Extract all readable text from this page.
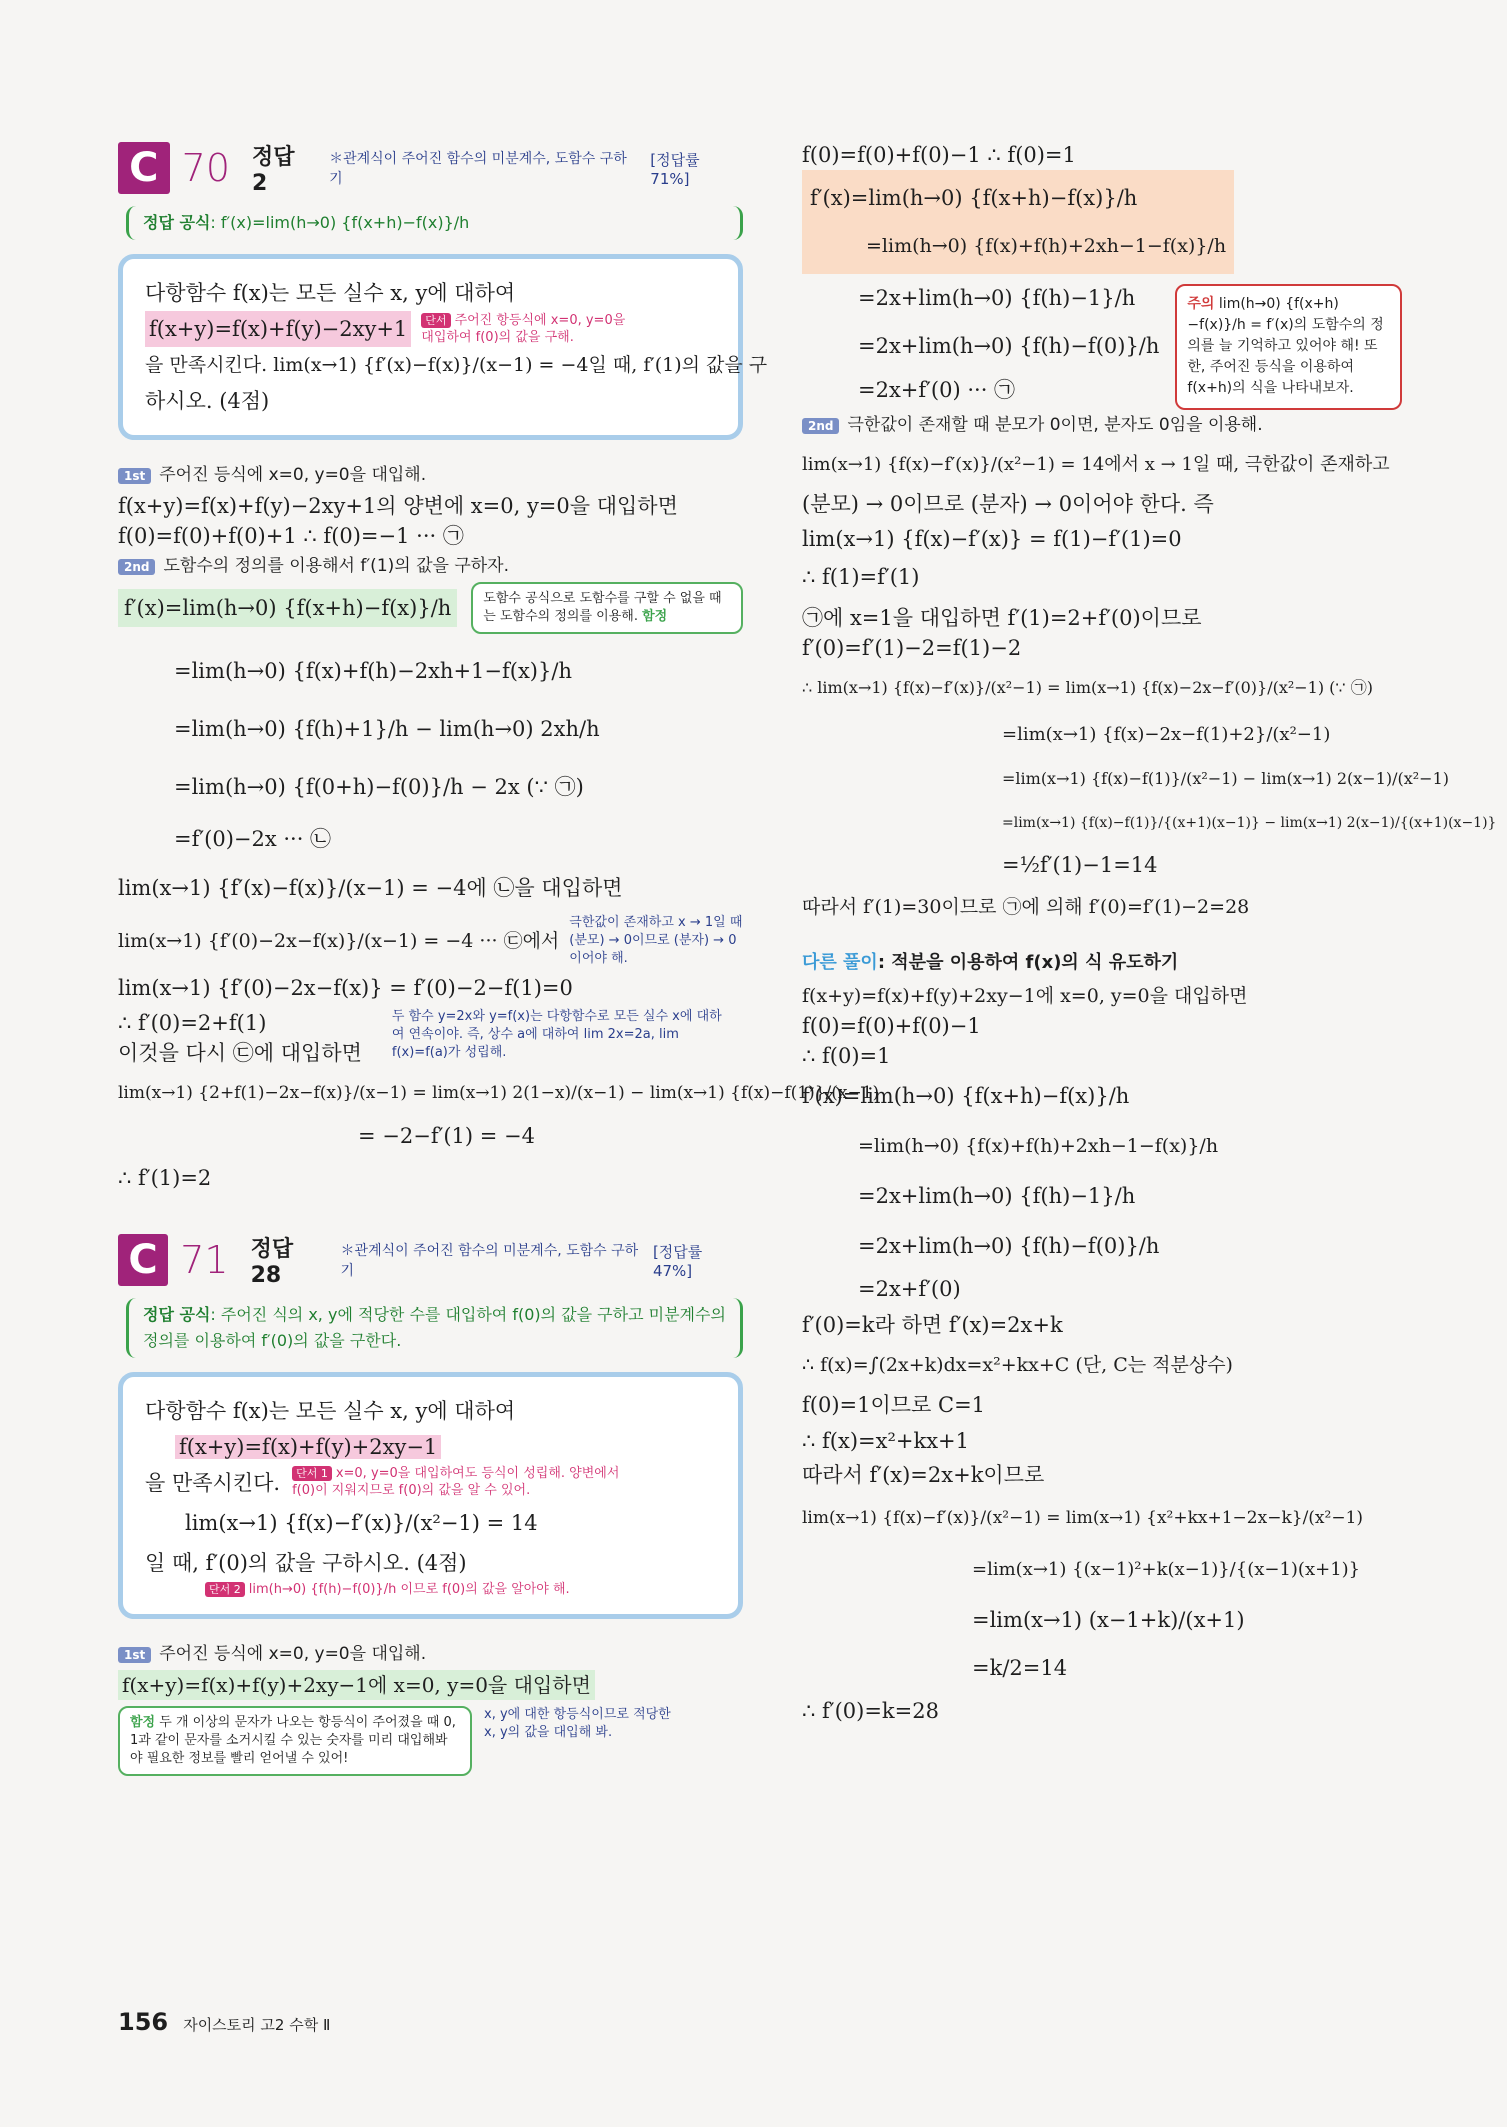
C 70 정답 2
＊관계식이 주어진 함수의 미분계수, 도함수 구하기
[정답률 71%]
정답 공식: f′(x)=lim(h→0) {f(x+h)−f(x)}/h
다항함수 f(x)는 모든 실수 x, y에 대하여
f(x+y)=f(x)+f(y)−2xy+1	단서 주어진 항등식에 x=0, y=0을 대입하여 f(0)의 값을 구해.
을 만족시킨다. lim(x→1) {f′(x)−f(x)}/(x−1) = −4일 때, f′(1)의 값을 구
하시오. (4점)
1st 주어진 등식에 x=0, y=0을 대입해.
f(x+y)=f(x)+f(y)−2xy+1의 양변에 x=0, y=0을 대입하면
f(0)=f(0)+f(0)+1 ∴ f(0)=−1 ··· ㉠
2nd 도함수의 정의를 이용해서 f′(1)의 값을 구하자.
f′(x)=lim(h→0) {f(x+h)−f(x)}/h	도함수 공식으로 도함수를 구할 수 없을 때는 도함수의 정의를 이용해. 함정
=lim(h→0) {f(x)+f(h)−2xh+1−f(x)}/h
=lim(h→0) {f(h)+1}/h − lim(h→0) 2xh/h
=lim(h→0) {f(0+h)−f(0)}/h − 2x (∵ ㉠)
=f′(0)−2x ··· ㉡
lim(x→1) {f′(x)−f(x)}/(x−1) = −4에 ㉡을 대입하면
lim(x→1) {f′(0)−2x−f(x)}/(x−1) = −4 ··· ㉢에서
극한값이 존재하고 x → 1일 때 (분모) → 0이므로 (분자) → 0이어야 해.
lim(x→1) {f′(0)−2x−f(x)} = f′(0)−2−f(1)=0
∴ f′(0)=2+f(1)
이것을 다시 ㉢에 대입하면
두 함수 y=2x와 y=f(x)는 다항함수로 모든 실수 x에 대하여 연속이야. 즉, 상수 a에 대하여 lim 2x=2a, lim f(x)=f(a)가 성립해.
lim(x→1) {2+f(1)−2x−f(x)}/(x−1) = lim(x→1) 2(1−x)/(x−1) − lim(x→1) {f(x)−f(1)}/(x−1)
= −2−f′(1) = −4
∴ f′(1)=2
C 71 정답 28
＊관계식이 주어진 함수의 미분계수, 도함수 구하기
[정답률 47%]
정답 공식: 주어진 식의 x, y에 적당한 수를 대입하여 f(0)의 값을 구하고 미분계수의 정의를 이용하여 f′(0)의 값을 구한다.
다항함수 f(x)는 모든 실수 x, y에 대하여
f(x+y)=f(x)+f(y)+2xy−1
을 만족시킨다.	단서 1 x=0, y=0을 대입하여도 등식이 성립해. 양변에서 f(0)이 지워지므로 f(0)의 값을 알 수 있어.
lim(x→1) {f(x)−f′(x)}/(x²−1) = 14
일 때, f′(0)의 값을 구하시오. (4점)
단서 2 lim(h→0) {f(h)−f(0)}/h 이므로 f(0)의 값을 알아야 해.
1st 주어진 등식에 x=0, y=0을 대입해.
f(x+y)=f(x)+f(y)+2xy−1에 x=0, y=0을 대입하면
함정 두 개 이상의 문자가 나오는 항등식이 주어졌을 때 0, 1과 같이 문자를 소거시킬 수 있는 숫자를 미리 대입해봐야 필요한 정보를 빨리 얻어낼 수 있어!
x, y에 대한 항등식이므로 적당한 x, y의 값을 대입해 봐.
f(0)=f(0)+f(0)−1 ∴ f(0)=1
f′(x)=lim(h→0) {f(x+h)−f(x)}/h
=lim(h→0) {f(x)+f(h)+2xh−1−f(x)}/h
=2x+lim(h→0) {f(h)−1}/h
=2x+lim(h→0) {f(h)−f(0)}/h
=2x+f′(0) ··· ㉠
주의 lim(h→0) {f(x+h)−f(x)}/h = f′(x)의 도함수의 정의를 늘 기억하고 있어야 해! 또한, 주어진 등식을 이용하여 f(x+h)의 식을 나타내보자.
2nd 극한값이 존재할 때 분모가 0이면, 분자도 0임을 이용해.
lim(x→1) {f(x)−f′(x)}/(x²−1) = 14에서 x → 1일 때, 극한값이 존재하고
(분모) → 0이므로 (분자) → 0이어야 한다. 즉
lim(x→1) {f(x)−f′(x)} = f(1)−f′(1)=0
∴ f(1)=f′(1)
㉠에 x=1을 대입하면 f′(1)=2+f′(0)이므로
f′(0)=f′(1)−2=f(1)−2
∴ lim(x→1) {f(x)−f′(x)}/(x²−1) = lim(x→1) {f(x)−2x−f′(0)}/(x²−1) (∵ ㉠)
=lim(x→1) {f(x)−2x−f(1)+2}/(x²−1)
=lim(x→1) {f(x)−f(1)}/(x²−1) − lim(x→1) 2(x−1)/(x²−1)
=lim(x→1) {f(x)−f(1)}/{(x+1)(x−1)} − lim(x→1) 2(x−1)/{(x+1)(x−1)}
=½f′(1)−1=14
따라서 f′(1)=30이므로 ㉠에 의해 f′(0)=f′(1)−2=28
다른 풀이: 적분을 이용하여 f(x)의 식 유도하기
f(x+y)=f(x)+f(y)+2xy−1에 x=0, y=0을 대입하면
f(0)=f(0)+f(0)−1
∴ f(0)=1
f′(x)=lim(h→0) {f(x+h)−f(x)}/h
=lim(h→0) {f(x)+f(h)+2xh−1−f(x)}/h
=2x+lim(h→0) {f(h)−1}/h
=2x+lim(h→0) {f(h)−f(0)}/h
=2x+f′(0)
f′(0)=k라 하면 f′(x)=2x+k
∴ f(x)=∫(2x+k)dx=x²+kx+C (단, C는 적분상수)
f(0)=1이므로 C=1
∴ f(x)=x²+kx+1
따라서 f′(x)=2x+k이므로
lim(x→1) {f(x)−f′(x)}/(x²−1) = lim(x→1) {x²+kx+1−2x−k}/(x²−1)
=lim(x→1) {(x−1)²+k(x−1)}/{(x−1)(x+1)}
=lim(x→1) (x−1+k)/(x+1)
=k/2=14
∴ f′(0)=k=28
156 자이스토리 고2 수학 Ⅱ
